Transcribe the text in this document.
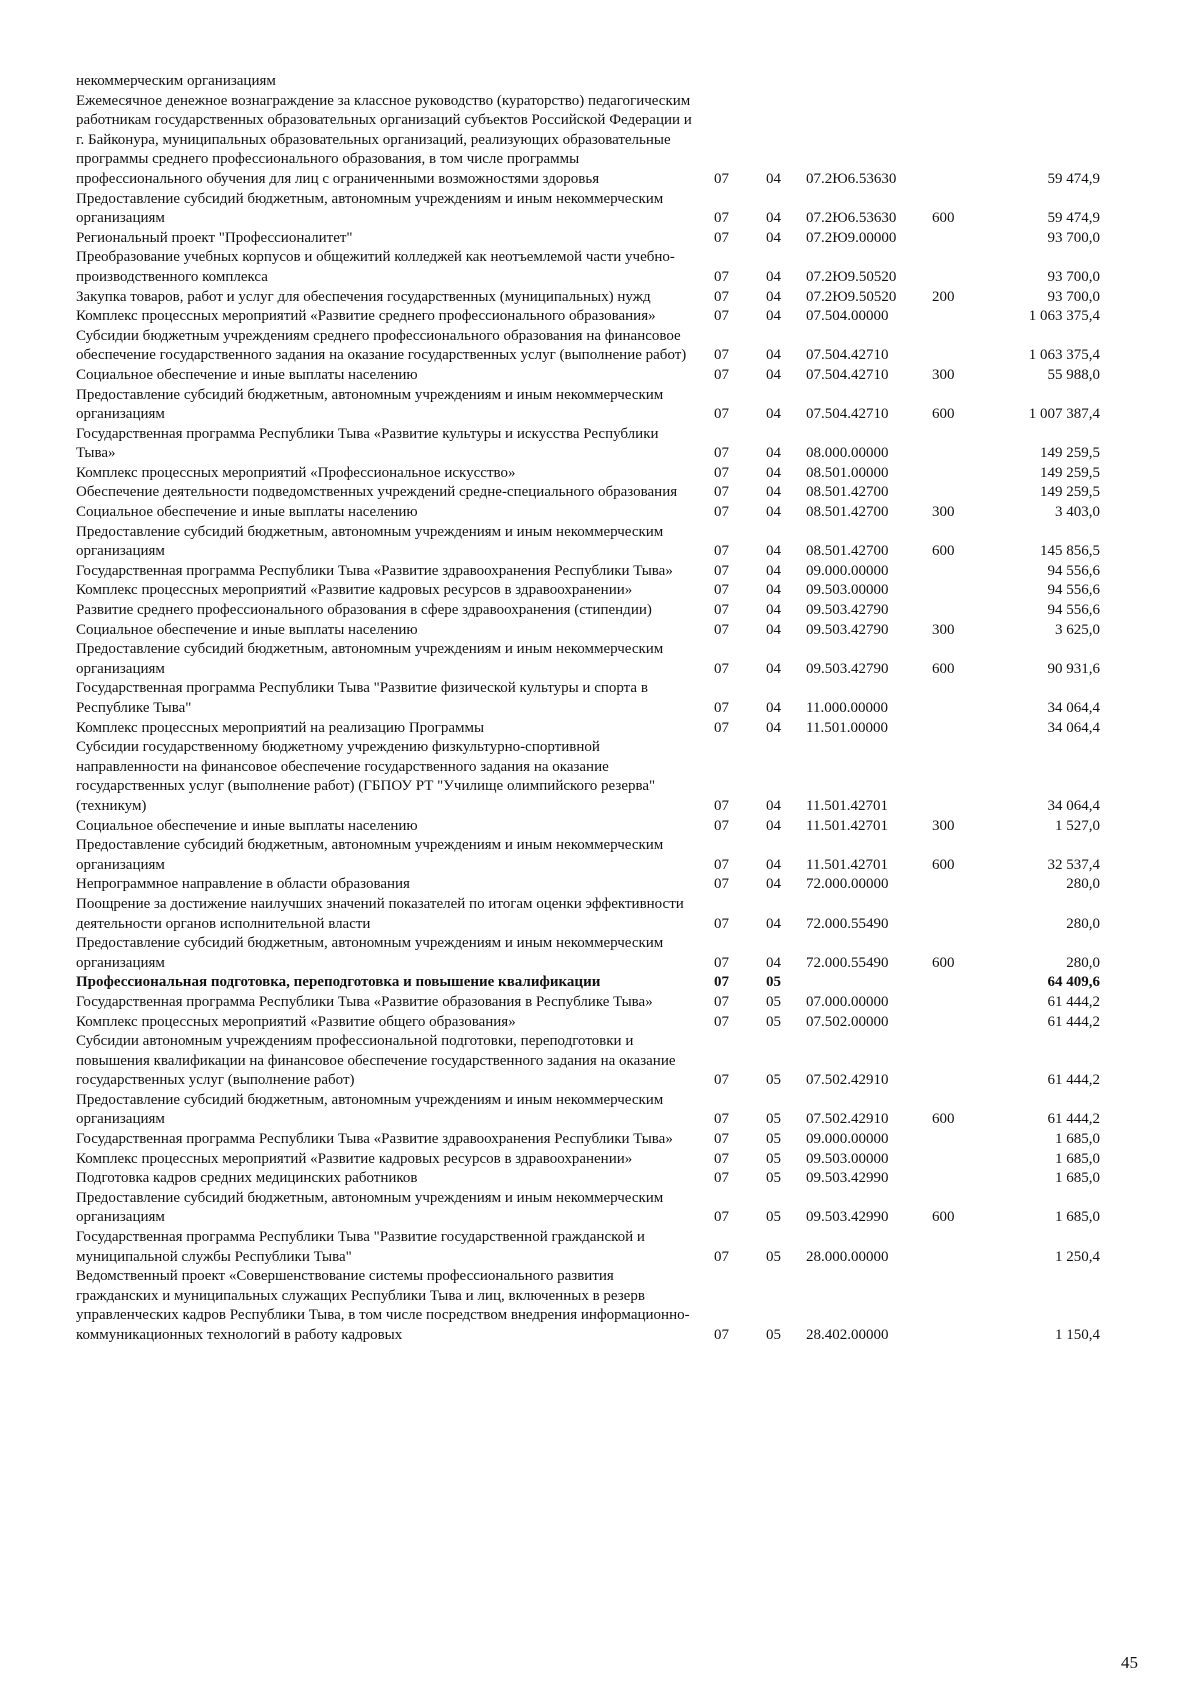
некоммерческим организациям					
Ежемесячное денежное вознаграждение за классное руководство (кураторство) педагогическим работникам государственных образовательных организаций субъектов Российской Федерации и г. Байконура, муниципальных образовательных организаций, реализующих образовательные программы среднего профессионального образования, в том числе программы профессионального обучения для лиц с ограниченными возможностями здоровья	07	04	07.2Ю6.53630		59 474,9
Предоставление субсидий бюджетным, автономным учреждениям и иным некоммерческим организациям	07	04	07.2Ю6.53630	600	59 474,9
Региональный проект "Профессионалитет"	07	04	07.2Ю9.00000		93 700,0
Преобразование учебных корпусов и общежитий колледжей как неотъемлемой части учебно-производственного комплекса	07	04	07.2Ю9.50520		93 700,0
Закупка товаров, работ и услуг для обеспечения государственных (муниципальных) нужд	07	04	07.2Ю9.50520	200	93 700,0
Комплекс процессных мероприятий «Развитие среднего профессионального образования»	07	04	07.504.00000		1 063 375,4
Субсидии бюджетным учреждениям среднего профессионального образования на финансовое обеспечение государственного задания на оказание государственных услуг (выполнение работ)	07	04	07.504.42710		1 063 375,4
Социальное обеспечение и иные выплаты населению	07	04	07.504.42710	300	55 988,0
Предоставление субсидий бюджетным, автономным учреждениям и иным некоммерческим организациям	07	04	07.504.42710	600	1 007 387,4
Государственная программа Республики Тыва «Развитие культуры и искусства Республики Тыва»	07	04	08.000.00000		149 259,5
Комплекс процессных мероприятий «Профессиональное искусство»	07	04	08.501.00000		149 259,5
Обеспечение деятельности подведомственных учреждений средне-специального образования	07	04	08.501.42700		149 259,5
Социальное обеспечение и иные выплаты населению	07	04	08.501.42700	300	3 403,0
Предоставление субсидий бюджетным, автономным учреждениям и иным некоммерческим организациям	07	04	08.501.42700	600	145 856,5
Государственная программа Республики Тыва «Развитие здравоохранения Республики Тыва»	07	04	09.000.00000		94 556,6
Комплекс процессных мероприятий «Развитие кадровых ресурсов в здравоохранении»	07	04	09.503.00000		94 556,6
Развитие среднего профессионального образования в сфере здравоохранения (стипендии)	07	04	09.503.42790		94 556,6
Социальное обеспечение и иные выплаты населению	07	04	09.503.42790	300	3 625,0
Предоставление субсидий бюджетным, автономным учреждениям и иным некоммерческим организациям	07	04	09.503.42790	600	90 931,6
Государственная программа Республики Тыва "Развитие физической культуры и спорта в Республике Тыва"	07	04	11.000.00000		34 064,4
Комплекс процессных мероприятий на реализацию Программы	07	04	11.501.00000		34 064,4
Субсидии государственному бюджетному учреждению физкультурно-спортивной направленности на финансовое обеспечение государственного задания на оказание государственных услуг (выполнение работ) (ГБПОУ РТ "Училище олимпийского резерва" (техникум)	07	04	11.501.42701		34 064,4
Социальное обеспечение и иные выплаты населению	07	04	11.501.42701	300	1 527,0
Предоставление субсидий бюджетным, автономным учреждениям и иным некоммерческим организациям	07	04	11.501.42701	600	32 537,4
Непрограммное направление в области образования	07	04	72.000.00000		280,0
Поощрение за достижение наилучших значений показателей по итогам оценки эффективности деятельности органов исполнительной власти	07	04	72.000.55490		280,0
Предоставление субсидий бюджетным, автономным учреждениям и иным некоммерческим организациям	07	04	72.000.55490	600	280,0
Профессиональная подготовка, переподготовка и повышение квалификации	07	05			64 409,6
Государственная программа Республики Тыва «Развитие образования в Республике Тыва»	07	05	07.000.00000		61 444,2
Комплекс процессных мероприятий «Развитие общего образования»	07	05	07.502.00000		61 444,2
Субсидии автономным учреждениям профессиональной подготовки, переподготовки и повышения квалификации на финансовое обеспечение государственного задания на оказание государственных услуг (выполнение работ)	07	05	07.502.42910		61 444,2
Предоставление субсидий бюджетным, автономным учреждениям и иным некоммерческим организациям	07	05	07.502.42910	600	61 444,2
Государственная программа Республики Тыва «Развитие здравоохранения Республики Тыва»	07	05	09.000.00000		1 685,0
Комплекс процессных мероприятий «Развитие кадровых ресурсов в здравоохранении»	07	05	09.503.00000		1 685,0
Подготовка кадров средних медицинских работников	07	05	09.503.42990		1 685,0
Предоставление субсидий бюджетным, автономным учреждениям и иным некоммерческим организациям	07	05	09.503.42990	600	1 685,0
Государственная программа Республики Тыва "Развитие государственной гражданской и муниципальной службы Республики Тыва"	07	05	28.000.00000		1 250,4
Ведомственный проект «Совершенствование системы профессионального развития гражданских и муниципальных служащих Республики Тыва и лиц, включенных в резерв управленческих кадров Республики Тыва, в том числе посредством внедрения информационно-коммуникационных технологий в работу кадровых	07	05	28.402.00000		1 150,4
45
